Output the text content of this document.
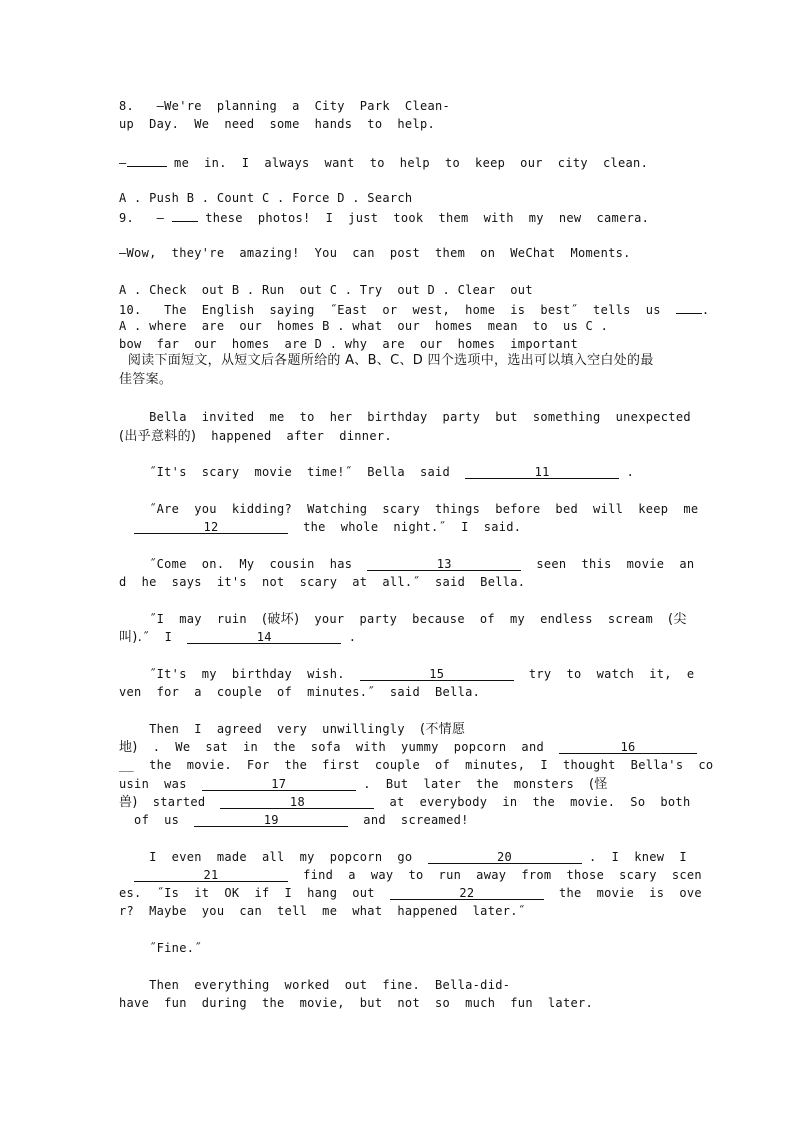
8.   —We're  planning  a  City  Park  Clean-
up  Day.  We  need  some  hands  to  help.
—	me  in.  I  always  want  to  help  to  keep  our  city  clean.
A . Push B . Count C . Force D . Search
9.   —  these  photos!  I  just  took  them  with  my  new  camera.
—Wow,  they're  amazing!  You  can  post  them  on  WeChat  Moments.
A . Check  out B . Run  out C . Try  out D . Clear  out
10.   The  English  saying  ˝East  or  west,  home  is  best˝  tells  us  .
A . where  are  our  homes B . what  our  homes  mean  to  us C .
bow  far  our  homes  are D . why  are  our  homes  important
阅读下面短文，从短文后各题所给的 A、B、C、D 四个选项中，选出可以填入空白处的最
佳答案。
Bella  invited  me  to  her  birthday  party  but  something  unexpected
(出乎意料的)  happened  after  dinner.
˝It's  scary  movie  time!˝  Bella  said	11	.
˝Are  you  kidding?  Watching  scary  things  before  bed  will  keep  me
12	the  whole  night.˝  I  said.
˝Come  on.  My  cousin  has	13	seen  this  movie  an
d  he  says  it's  not  scary  at  all.˝  said  Bella.
˝I  may  ruin  (破坏)  your  party  because  of  my  endless  scream  (尖
叫).˝  I	14	.
˝It's  my  birthday  wish.	15	try  to  watch  it,  e
ven  for  a  couple  of  minutes.˝  said  Bella.
Then  I  agreed  very  unwillingly  (不情愿
地)  .  We  sat  in  the  sofa  with  yummy  popcorn  and	16
__  the  movie.  For  the  first  couple  of  minutes,  I  thought  Bella's  co
usin  was	17	.  But  later  the  monsters  (怪
兽)  started	18	at  everybody  in  the  movie.  So  both
of  us	19	and  screamed!
I  even  made  all  my  popcorn  go	20	.  I  knew  I
21	find  a  way  to  run  away  from  those  scary  scen
es.  ˝Is  it  OK  if  I  hang  out	22	the  movie  is  ove
r?  Maybe  you  can  tell  me  what  happened  later.˝
˝Fine.˝
Then  everything  worked  out  fine.  Bella-did-
have  fun  during  the  movie,  but  not  so  much  fun  later.
